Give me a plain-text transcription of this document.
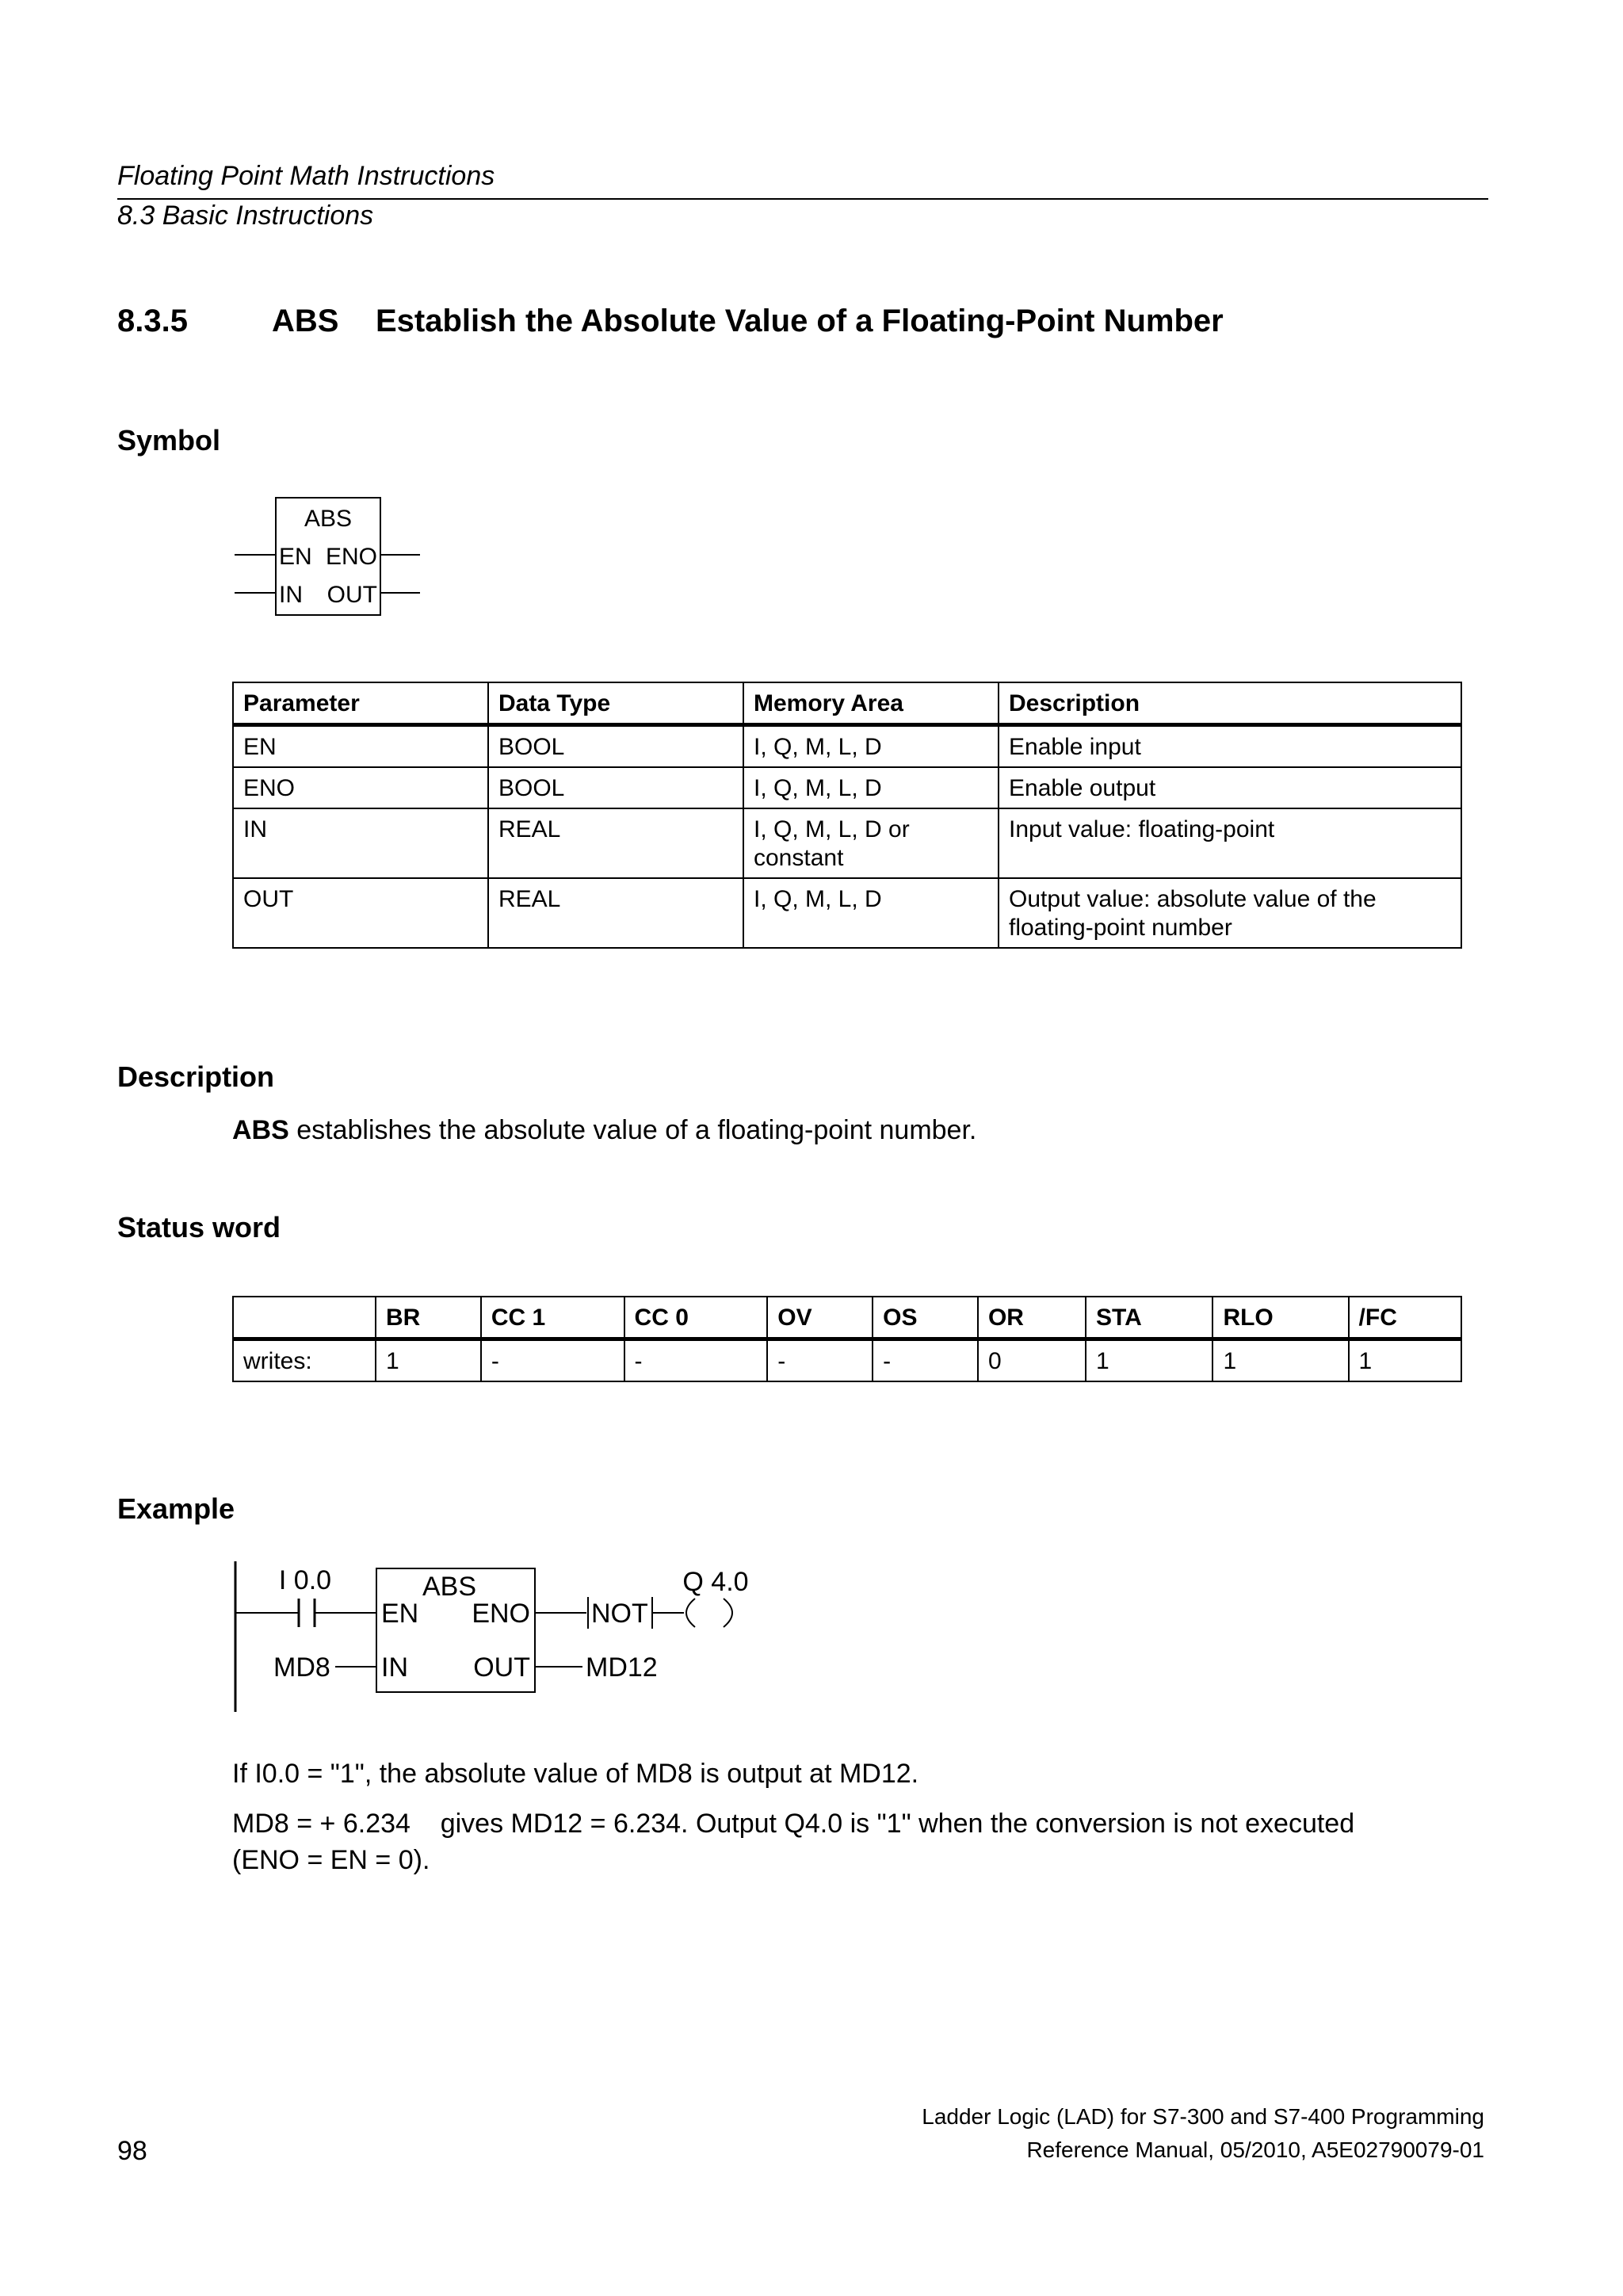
Floating Point Math Instructions
8.3 Basic Instructions
8.3.5	ABS Establish the Absolute Value of a Floating-Point Number
Symbol
ABS
EN ENO
IN OUT
Parameter	Data Type	Memory Area	Description
EN	BOOL	I, Q, M, L, D	Enable input
ENO	BOOL	I, Q, M, L, D	Enable output
IN	REAL	I, Q, M, L, D or constant	Input value: floating-point
OUT	REAL	I, Q, M, L, D	Output value: absolute value of the floating-point number
Description
ABS establishes the absolute value of a floating-point number.
Status word
	BR	CC 1	CC 0	OV	OS	OR	STA	RLO	/FC
writes:	1	-	-	-	-	0	1	1	1
Example
I 0.0	ABS
EN ENO
IN OUT
MD8	MD12
NOT
Q 4.0
If I0.0 = "1", the absolute value of MD8 is output at MD12.
MD8 = + 6.234    gives MD12 = 6.234. Output Q4.0 is "1" when the conversion is not executed
(ENO = EN = 0).
98
Ladder Logic (LAD) for S7-300 and S7-400 Programming
Reference Manual, 05/2010, A5E02790079-01
